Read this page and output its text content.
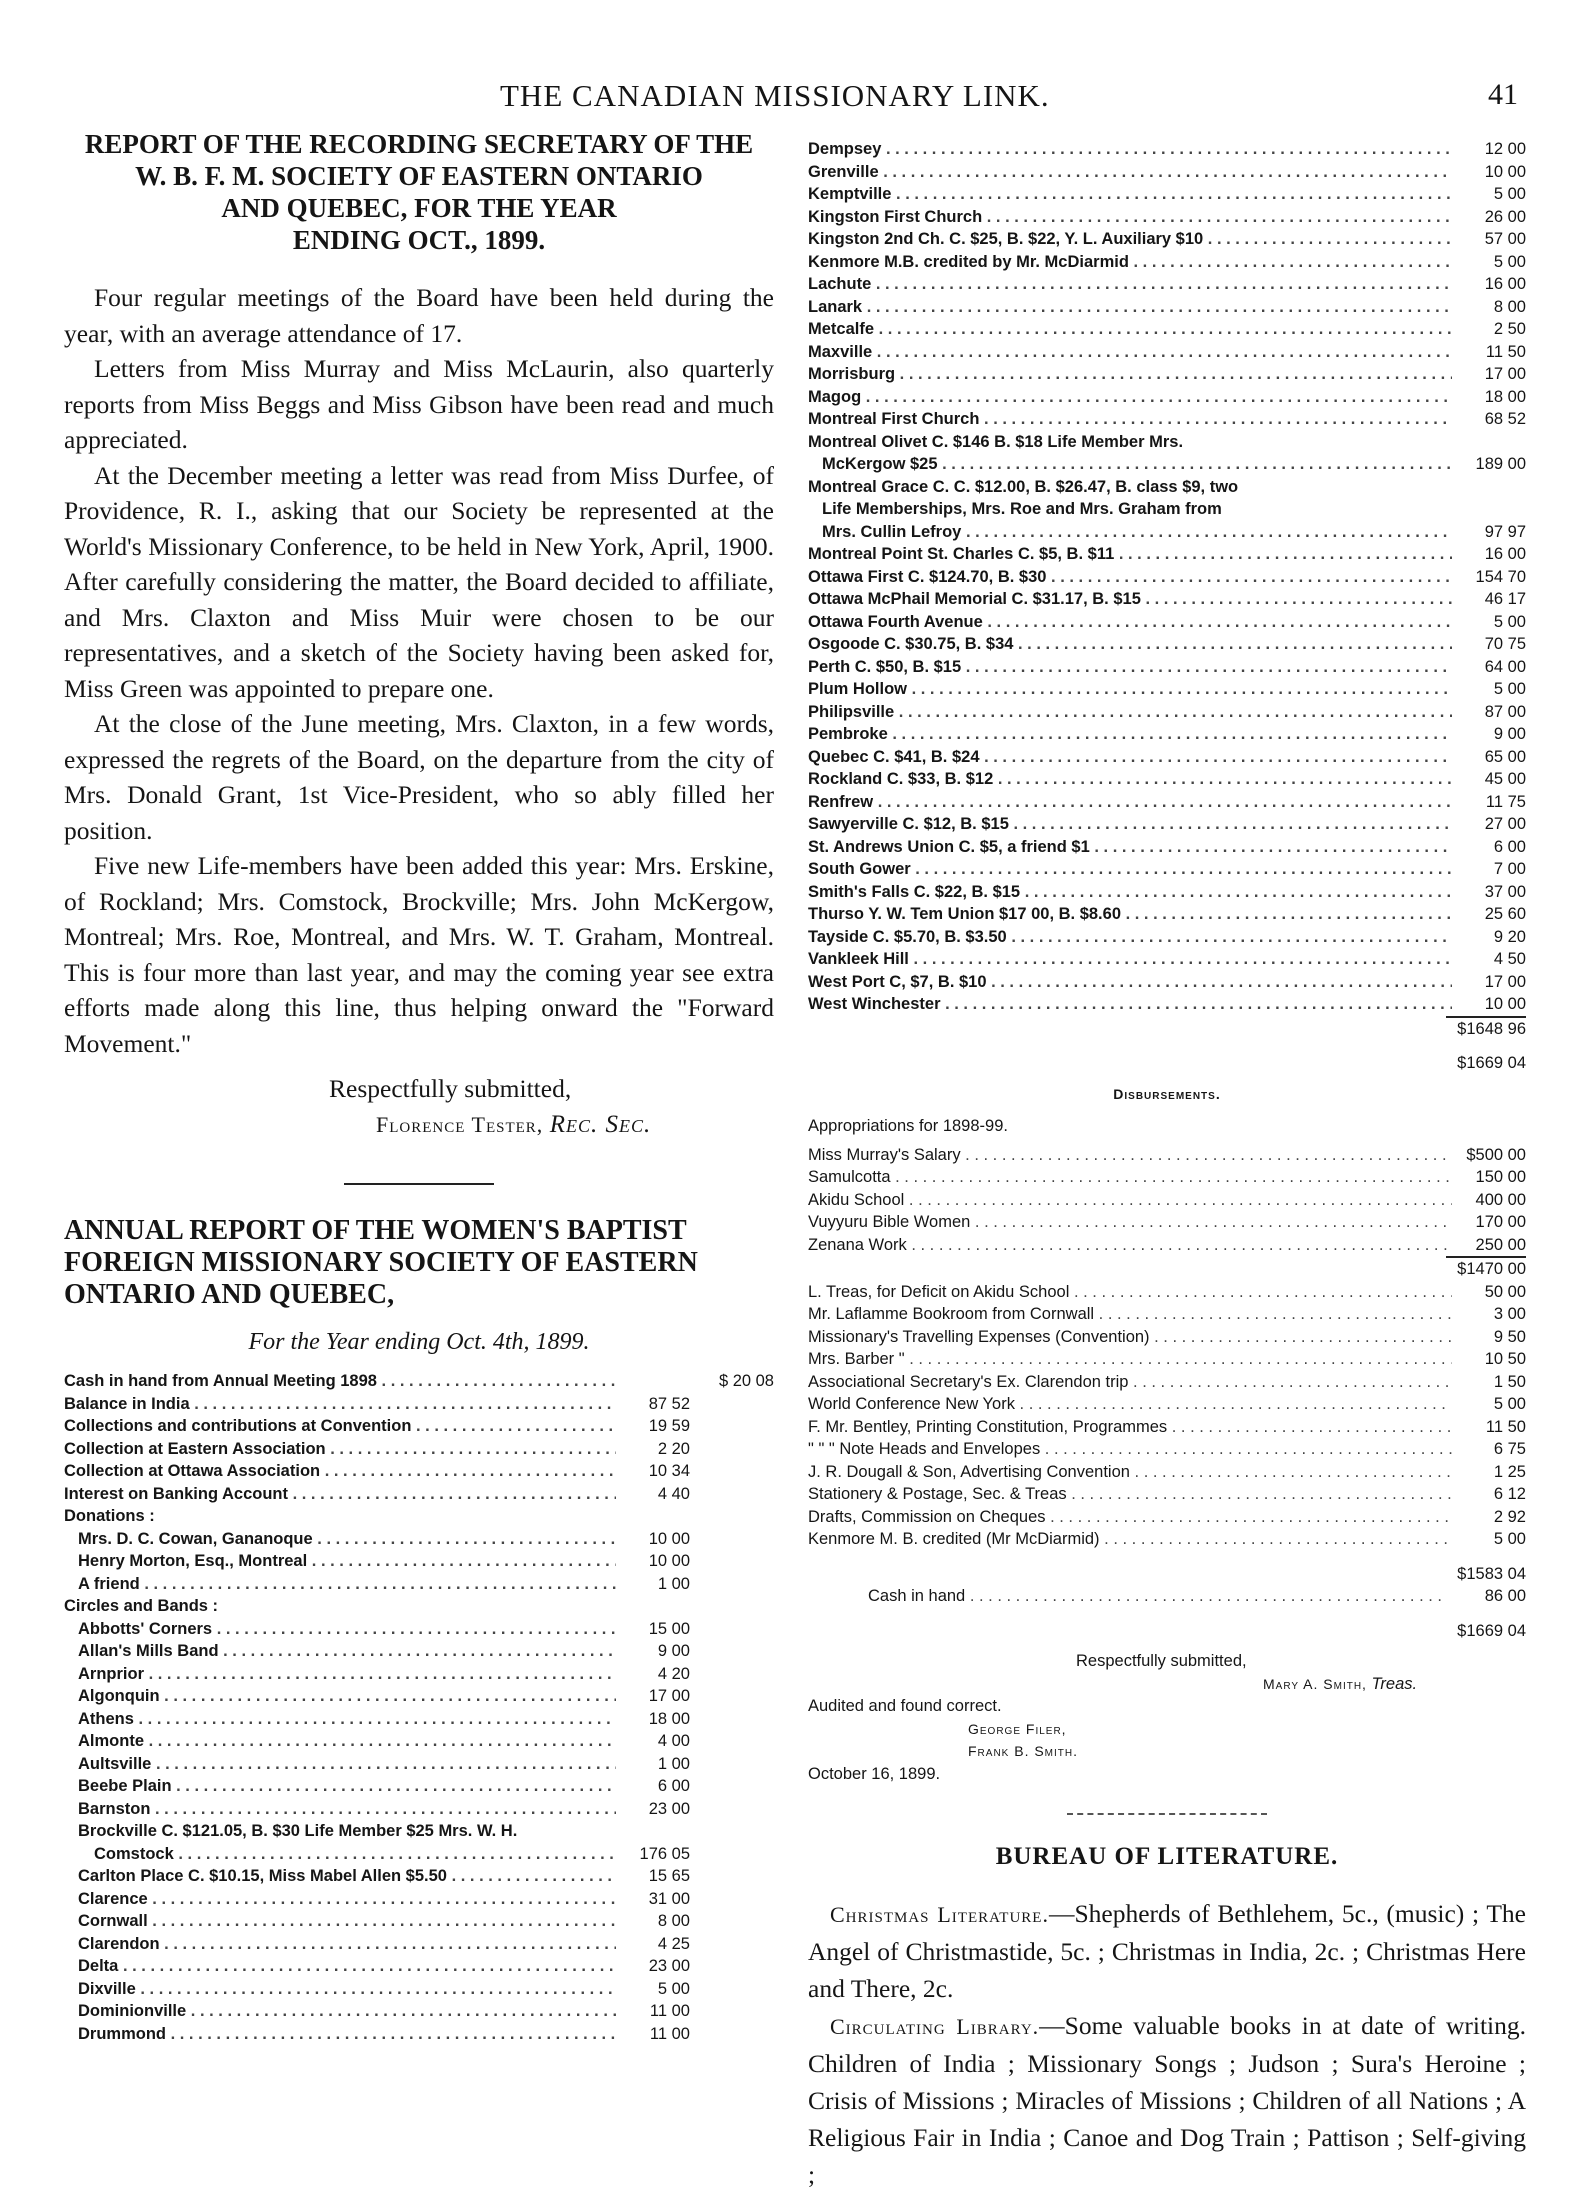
THE CANADIAN MISSIONARY LINK.	41
REPORT OF THE RECORDING SECRETARY OF THE
W. B. F. M. SOCIETY OF EASTERN ONTARIO
AND QUEBEC, FOR THE YEAR
ENDING OCT., 1899.

Four regular meetings of the Board have been held during the year, with an average attendance of 17.

Letters from Miss Murray and Miss McLaurin, also quarterly reports from Miss Beggs and Miss Gibson have been read and much appreciated.

At the December meeting a letter was read from Miss Durfee, of Providence, R. I., asking that our Society be represented at the World's Missionary Conference, to be held in New York, April, 1900. After carefully considering the matter, the Board decided to affiliate, and Mrs. Claxton and Miss Muir were chosen to be our representatives, and a sketch of the Society having been asked for, Miss Green was appointed to prepare one.

At the close of the June meeting, Mrs. Claxton, in a few words, expressed the regrets of the Board, on the departure from the city of Mrs. Donald Grant, 1st Vice-President, who so ably filled her position.

Five new Life-members have been added this year: Mrs. Erskine, of Rockland; Mrs. Comstock, Brockville; Mrs. John McKergow, Montreal; Mrs. Roe, Montreal, and Mrs. W. T. Graham, Montreal. This is four more than last year, and may the coming year see extra efforts made along this line, thus helping onward the "Forward Movement."

Respectfully submitted,
Florence Tester, Rec. Sec.
ANNUAL REPORT OF THE WOMEN'S BAPTIST
FOREIGN MISSIONARY SOCIETY OF EASTERN
ONTARIO AND QUEBEC,

For the Year ending Oct. 4th, 1899.

Cash in hand from Annual Meeting 1898 . . .	$ 20 08
Balance in India . . .	87 52
Collections and contributions at Convention . . .	19 59
Collection at Eastern Association . . .	2 20
Collection at Ottawa Association . . .	10 34
Interest on Banking Account . . .	4 40
Donations :
Mrs. D. C. Cowan, Gananoque . . .	10 00
Henry Morton, Esq., Montreal . . .	10 00
A friend . . .	1 00
Circles and Bands :
Abbotts' Corners . . .	15 00
Allan's Mills Band . . .	9 00
Arnprior . . .	4 20
Algonquin . . .	17 00
Athens . . .	18 00
Almonte . . .	4 00
Aultsville . . .	1 00
Beebe Plain . . .	6 00
Barnston . . .	23 00
Brockville C. $121.05, B. $30 Life Member $25 Mrs. W. H.
Comstock . . .	176 05
Carlton Place C. $10.15, Miss Mabel Allen $5.50 . . .	15 65
Clarence . . .	31 00
Cornwall . . .	8 00
Clarendon . . .	4 25
Delta . . .	23 00
Dixville . . .	5 00
Dominionville . . .	11 00
Drummond . . .	11 00
Dempsey . . .	12 00
Grenville . . .	10 00
Kemptville . . .	5 00
Kingston First Church . . .	26 00
Kingston 2nd Ch. C. $25, B. $22, Y. L. Auxiliary $10 . . .	57 00
Kenmore M.B. credited by Mr. McDiarmid . . .	5 00
Lachute . . .	16 00
Lanark . . .	8 00
Metcalfe . . .	2 50
Maxville . . .	11 50
Morrisburg . . .	17 00
Magog . . .	18 00
Montreal First Church . . .	68 52
Montreal Olivet C. $146 B. $18 Life Member Mrs.
McKergow $25 . . .	189 00
Montreal Grace C. C. $12.00, B. $26.47, B. class $9, two
Life Memberships, Mrs. Roe and Mrs. Graham from
Mrs. Cullin Lefroy . . .	97 97
Montreal Point St. Charles C. $5, B. $11 . . .	16 00
Ottawa First C. $124.70, B. $30 . . .	154 70
Ottawa McPhail Memorial C. $31.17, B. $15 . . .	46 17
Ottawa Fourth Avenue . . .	5 00
Osgoode C. $30.75, B. $34 . . .	70 75
Perth C. $50, B. $15 . . .	64 00
Plum Hollow . . .	5 00
Philipsville . . .	87 00
Pembroke . . .	9 00
Quebec C. $41, B. $24 . . .	65 00
Rockland C. $33, B. $12 . . .	45 00
Renfrew . . .	11 75
Sawyerville C. $12, B. $15 . . .	27 00
St. Andrews Union C. $5, a friend $1 . . .	6 00
South Gower . . .	7 00
Smith's Falls C. $22, B. $15 . . .	37 00
Thurso Y. W. Tem Union $17 00, B. $8.60 . . .	25 60
Tayside C. $5.70, B. $3.50 . . .	9 20
Vankleek Hill . . .	4 50
West Port C, $7, B. $10 . . .	17 00
West Winchester . . .	10 00
$1648 96
$1669 04
Disbursements.
Appropriations for 1898-99.
Miss Murray's Salary . . .	$500 00
Samulcotta . . .	150 00
Akidu School . . .	400 00
Vuyyuru Bible Women . . .	170 00
Zenana Work . . .	250 00
$1470 00
L. Treas, for Deficit on Akidu School . . .	50 00
Mr. Laflamme Bookroom from Cornwall . . .	3 00
Missionary's Travelling Expenses (Convention) . . .	9 50
Mrs. Barber " . . .	10 50
Associational Secretary's Ex. Clarendon trip . . .	1 50
World Conference New York . . .	5 00
F. Mr. Bentley, Printing Constitution, Programmes . . .	11 50
" " " Note Heads and Envelopes . . .	6 75
J. R. Dougall & Son, Advertising Convention . . .	1 25
Stationery & Postage, Sec. & Treas . . .	6 12
Drafts, Commission on Cheques . . .	2 92
Kenmore M. B. credited (Mr McDiarmid) . . .	5 00
$1583 04
Cash in hand . . .	86 00
$1669 04
Respectfully submitted,
Mary A. Smith, Treas.
Audited and found correct.
George Filer,
Frank B. Smith.
October 16, 1899.
BUREAU OF LITERATURE.

Christmas Literature.—Shepherds of Bethlehem, 5c., (music) ; The Angel of Christmastide, 5c. ; Christmas in India, 2c. ; Christmas Here and There, 2c.

Circulating Library.—Some valuable books in at date of writing. Children of India ; Missionary Songs ; Judson ; Sura's Heroine ; Crisis of Missions ; Miracles of Missions ; Children of all Nations ; A Religious Fair in India ; Canoe and Dog Train ; Pattison ; Self-giving ;
